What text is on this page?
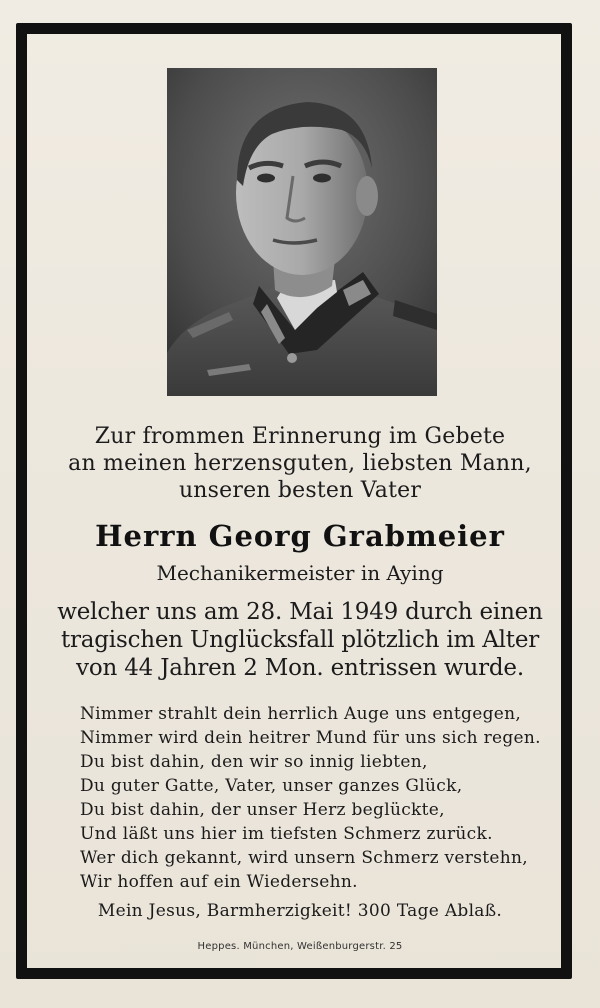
Zur frommen Erinnerung im Gebete

an meinen herzensguten, liebsten Mann,

unseren besten Vater

Herrn Georg Grabmeier

Mechanikermeister in Aying

welcher uns am 28. Mai 1949 durch einen

tragischen Unglücksfall plötzlich im Alter

von 44 Jahren 2 Mon. entrissen wurde.

Nimmer strahlt dein herrlich Auge uns entgegen,

Nimmer wird dein heitrer Mund für uns sich regen.

Du bist dahin, den wir so innig liebten,

Du guter Gatte, Vater, unser ganzes Glück,

Du bist dahin, der unser Herz beglückte,

Und läßt uns hier im tiefsten Schmerz zurück.

Wer dich gekannt, wird unsern Schmerz verstehn,

Wir hoffen auf ein Wiedersehn.

Mein Jesus, Barmherzigkeit! 300 Tage Ablaß.

Heppes. München, Weißenburgerstr. 25
